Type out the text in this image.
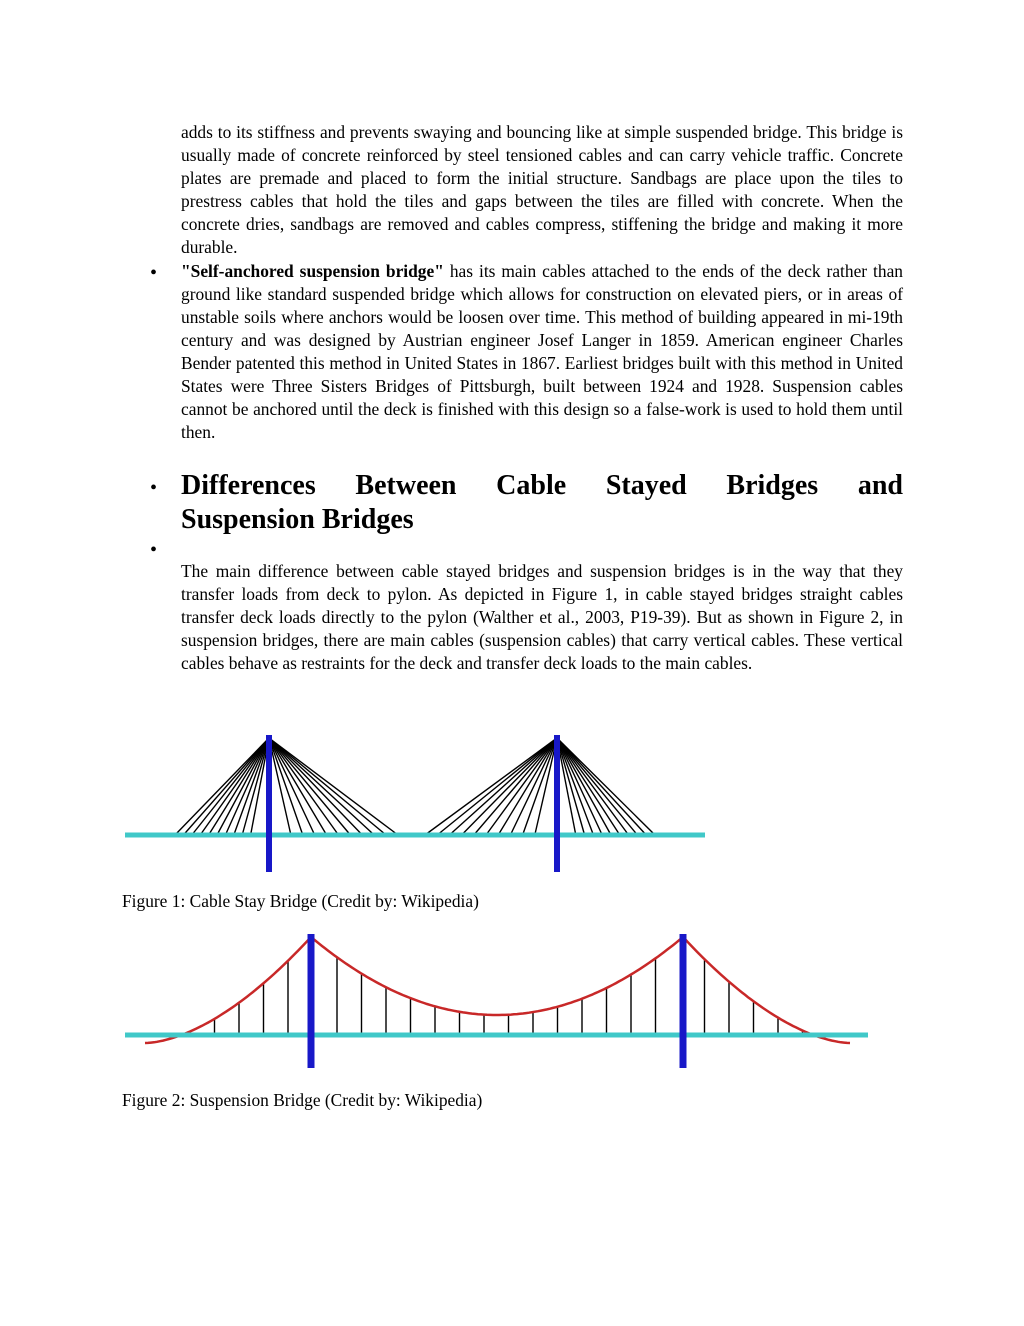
adds to its stiffness and prevents swaying and bouncing like at simple suspended bridge. This bridge is usually made of concrete reinforced by steel tensioned cables and can carry vehicle traffic. Concrete plates are premade and placed to form the initial structure. Sandbags are place upon the tiles to prestress cables that hold the tiles and gaps between the tiles are filled with concrete. When the concrete dries, sandbags are removed and cables compress, stiffening the bridge and making it more durable.
• "Self-anchored suspension bridge" has its main cables attached to the ends of the deck rather than ground like standard suspended bridge which allows for construction on elevated piers, or in areas of unstable soils where anchors would be loosen over time. This method of building appeared in mi-19th century and was designed by Austrian engineer Josef Langer in 1859. American engineer Charles Bender patented this method in United States in 1867. Earliest bridges built with this method in United States were Three Sisters Bridges of Pittsburgh, built between 1924 and 1928. Suspension cables cannot be anchored until the deck is finished with this design so a false-work is used to hold them until then.
• Differences Between Cable Stayed Bridges and
Suspension Bridges
•
The main difference between cable stayed bridges and suspension bridges is in the way that they transfer loads from deck to pylon. As depicted in Figure 1, in cable stayed bridges straight cables transfer deck loads directly to the pylon (Walther et al., 2003, P19-39). But as shown in Figure 2, in suspension bridges, there are main cables (suspension cables) that carry vertical cables. These vertical cables behave as restraints for the deck and transfer deck loads to the main cables.
Figure 1: Cable Stay Bridge (Credit by: Wikipedia)
Figure 2: Suspension Bridge (Credit by: Wikipedia)
